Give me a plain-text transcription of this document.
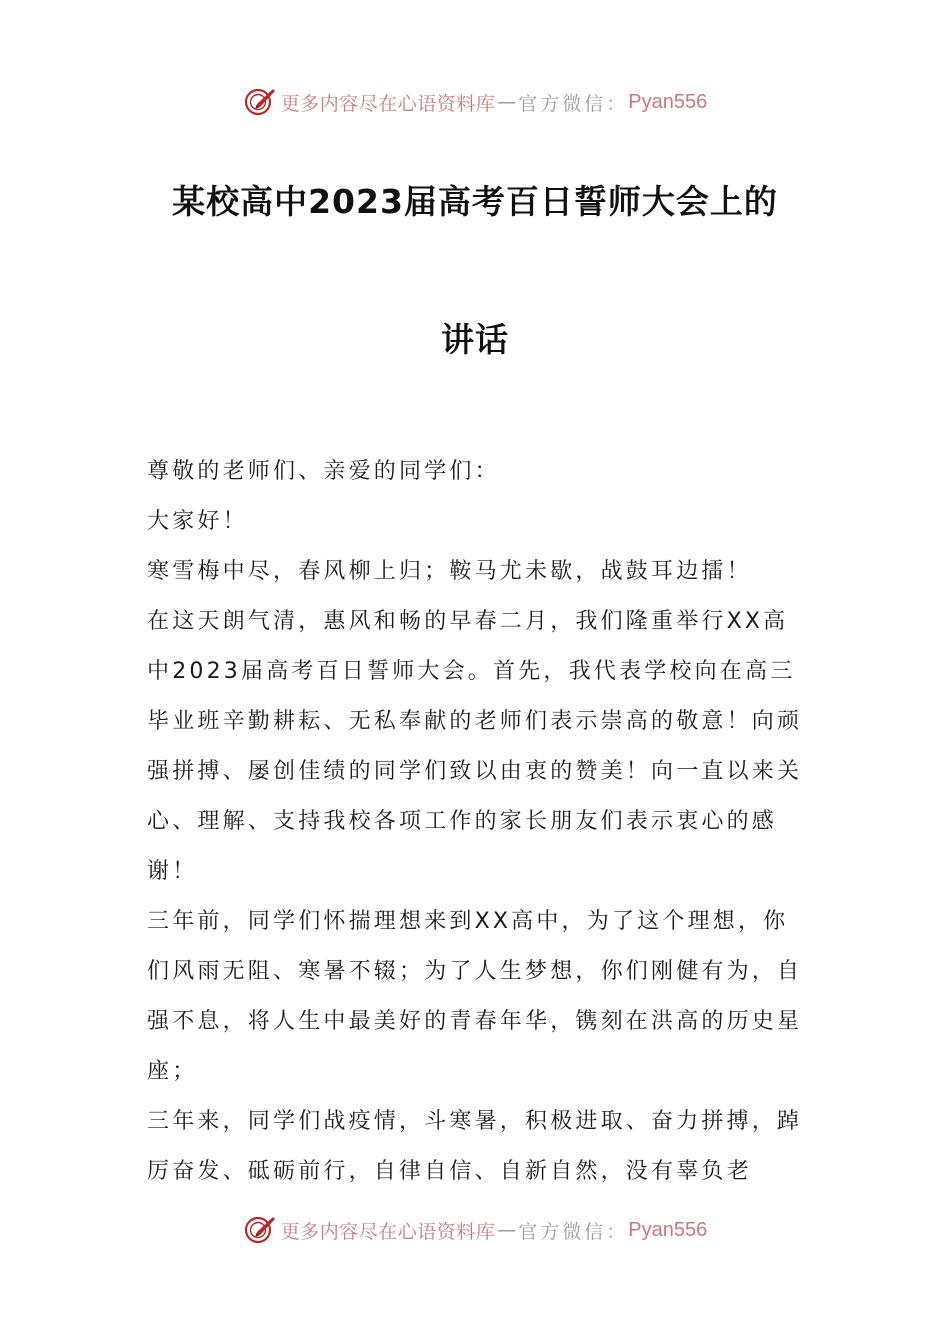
更多内容尽在心语资料库 — 官方微信： Pyan556
某校高中2023届高考百日誓师大会上的
讲话

尊敬的老师们、亲爱的同学们：

大家好！

寒雪梅中尽，春风柳上归；鞍马尤未歇，战鼓耳边擂！

在这天朗气清，惠风和畅的早春二月，我们隆重举行XX高中2023届高考百日誓师大会。首先，我代表学校向在高三毕业班辛勤耕耘、无私奉献的老师们表示崇高的敬意！向顽强拼搏、屡创佳绩的同学们致以由衷的赞美！向一直以来关心、理解、支持我校各项工作的家长朋友们表示衷心的感谢！

三年前，同学们怀揣理想来到XX高中，为了这个理想，你们风雨无阻、寒暑不辍；为了人生梦想，你们刚健有为，自强不息，将人生中最美好的青春年华，镌刻在洪高的历史星座；

三年来，同学们战疫情，斗寒暑，积极进取、奋力拼搏，踔厉奋发、砥砺前行，自律自信、自新自然，没有辜负老

更多内容尽在心语资料库 — 官方微信： Pyan556
